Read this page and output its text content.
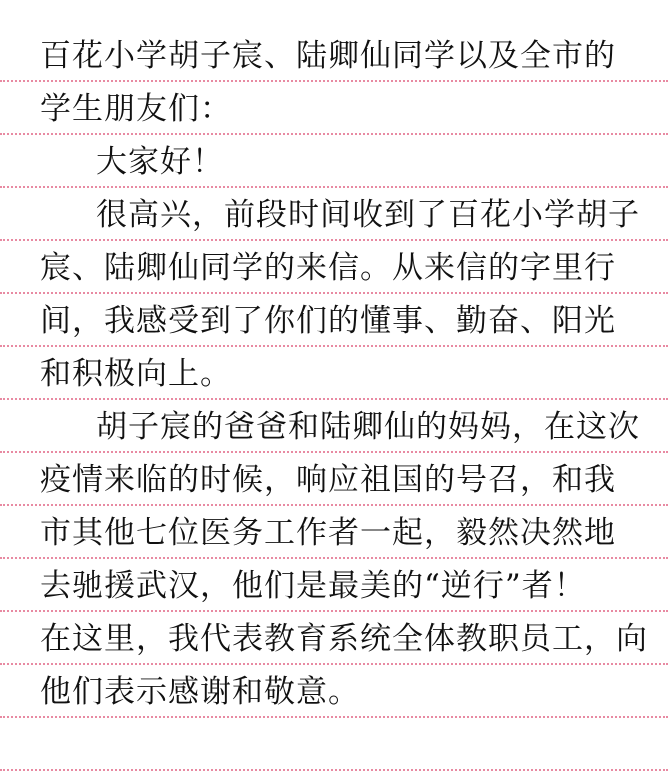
百花小学胡子宸、陆卿仙同学以及全市的
学生朋友们：
大家好！
很高兴，前段时间收到了百花小学胡子
宸、陆卿仙同学的来信。从来信的字里行
间，我感受到了你们的懂事、勤奋、阳光
和积极向上。
胡子宸的爸爸和陆卿仙的妈妈，在这次
疫情来临的时候，响应祖国的号召，和我
市其他七位医务工作者一起，毅然决然地
去驰援武汉，他们是最美的“逆行”者！
在这里，我代表教育系统全体教职员工，向
他们表示感谢和敬意。
